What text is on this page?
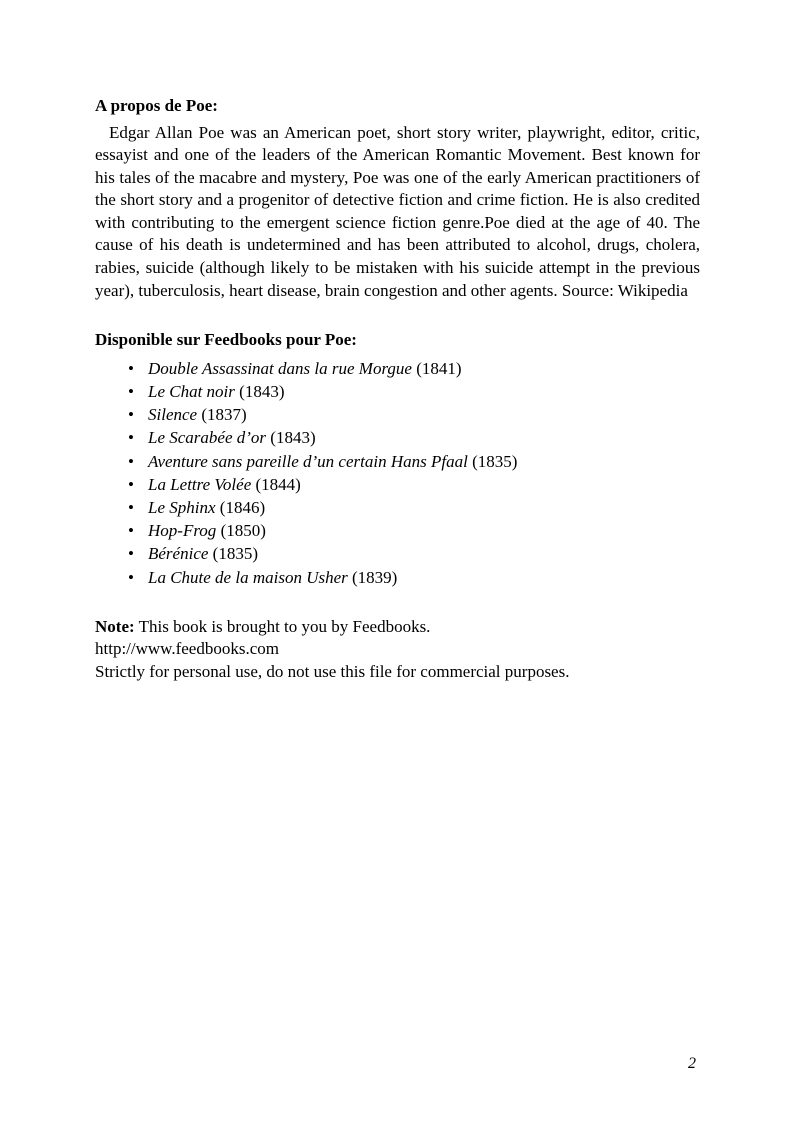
A propos de Poe:

Edgar Allan Poe was an American poet, short story writer, playwright, editor, critic, essayist and one of the leaders of the American Romantic Movement. Best known for his tales of the macabre and mystery, Poe was one of the early American practitioners of the short story and a progenitor of detective fiction and crime fiction. He is also credited with contributing to the emergent science fiction genre.Poe died at the age of 40. The cause of his death is undetermined and has been attributed to alcohol, drugs, cholera, rabies, suicide (although likely to be mistaken with his suicide attempt in the previous year), tuberculosis, heart disease, brain congestion and other agents. Source: Wikipedia

Disponible sur Feedbooks pour Poe:
• Double Assassinat dans la rue Morgue (1841)
• Le Chat noir (1843)
• Silence (1837)
• Le Scarabée d’or (1843)
• Aventure sans pareille d’un certain Hans Pfaal (1835)
• La Lettre Volée (1844)
• Le Sphinx (1846)
• Hop-Frog (1850)
• Bérénice (1835)
• La Chute de la maison Usher (1839)

Note: This book is brought to you by Feedbooks.

http://www.feedbooks.com

Strictly for personal use, do not use this file for commercial purposes.

2
